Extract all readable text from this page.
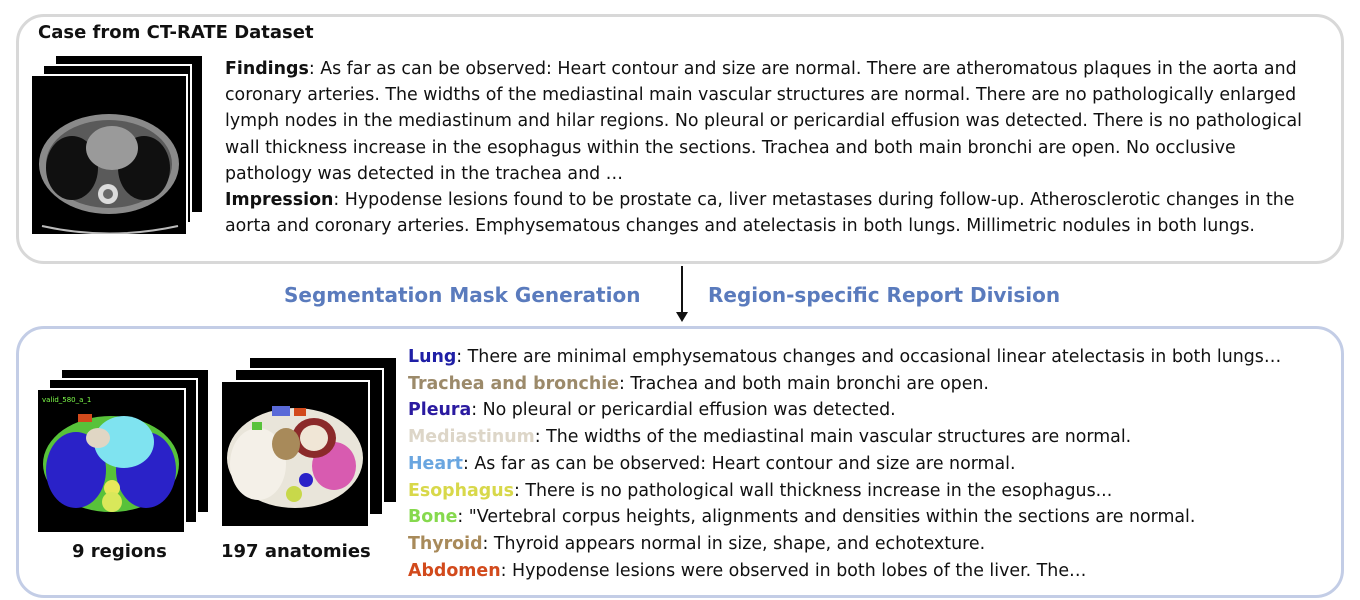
Case from CT-RATE Dataset

Findings: As far as can be observed: Heart contour and size are normal. There are atheromatous plaques in the aorta and coronary arteries. The widths of the mediastinal main vascular structures are normal. There are no pathologically enlarged lymph nodes in the mediastinum and hilar regions. No pleural or pericardial effusion was detected. There is no pathological wall thickness increase in the esophagus within the sections. Trachea and both main bronchi are open. No occlusive pathology was detected in the trachea and …

Impression: Hypodense lesions found to be prostate ca, liver metastases during follow-up. Atherosclerotic changes in the aorta and coronary arteries. Emphysematous changes and atelectasis in both lungs. Millimetric nodules in both lungs.

Segmentation Mask Generation	Region-specific Report Division
valid_580_a_1
9 regions	197 anatomies
Lung: There are minimal emphysematous changes and occasional linear atelectasis in both lungs…
Trachea and bronchie: Trachea and both main bronchi are open.
Pleura: No pleural or pericardial effusion was detected.
Mediastinum: The widths of the mediastinal main vascular structures are normal.
Heart: As far as can be observed: Heart contour and size are normal.
Esophagus: There is no pathological wall thickness increase in the esophagus...
Bone: "Vertebral corpus heights, alignments and densities within the sections are normal.
Thyroid: Thyroid appears normal in size, shape, and echotexture.
Abdomen: Hypodense lesions were observed in both lobes of the liver. The…
